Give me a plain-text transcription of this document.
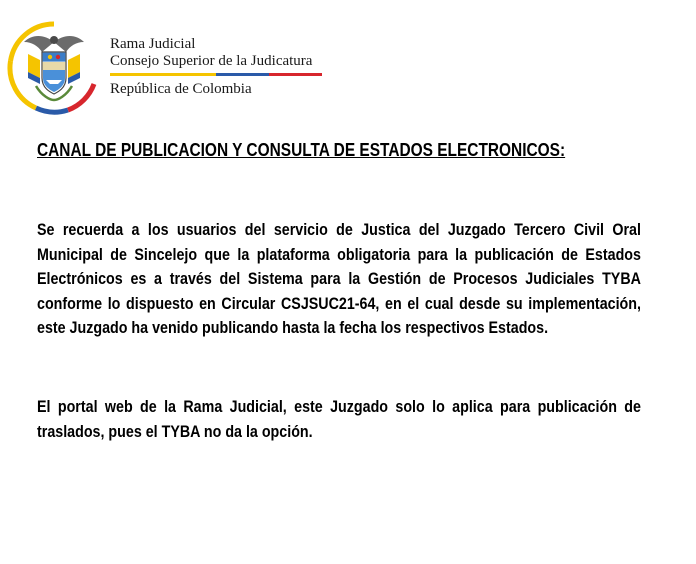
Rama Judicial
Consejo Superior de la Judicatura
República de Colombia
CANAL DE PUBLICACION Y CONSULTA DE ESTADOS ELECTRONICOS:
Se recuerda a los usuarios del servicio de Justica del Juzgado Tercero Civil Oral Municipal de Sincelejo que la plataforma obligatoria para la publicación de Estados Electrónicos es a través del Sistema para la Gestión de Procesos Judiciales TYBA conforme lo dispuesto en Circular CSJSUC21-64, en el cual desde su implementación, este Juzgado ha venido publicando hasta la fecha los respectivos Estados.
El portal web de la Rama Judicial, este Juzgado solo lo aplica para publicación de traslados, pues el TYBA no da la opción.
